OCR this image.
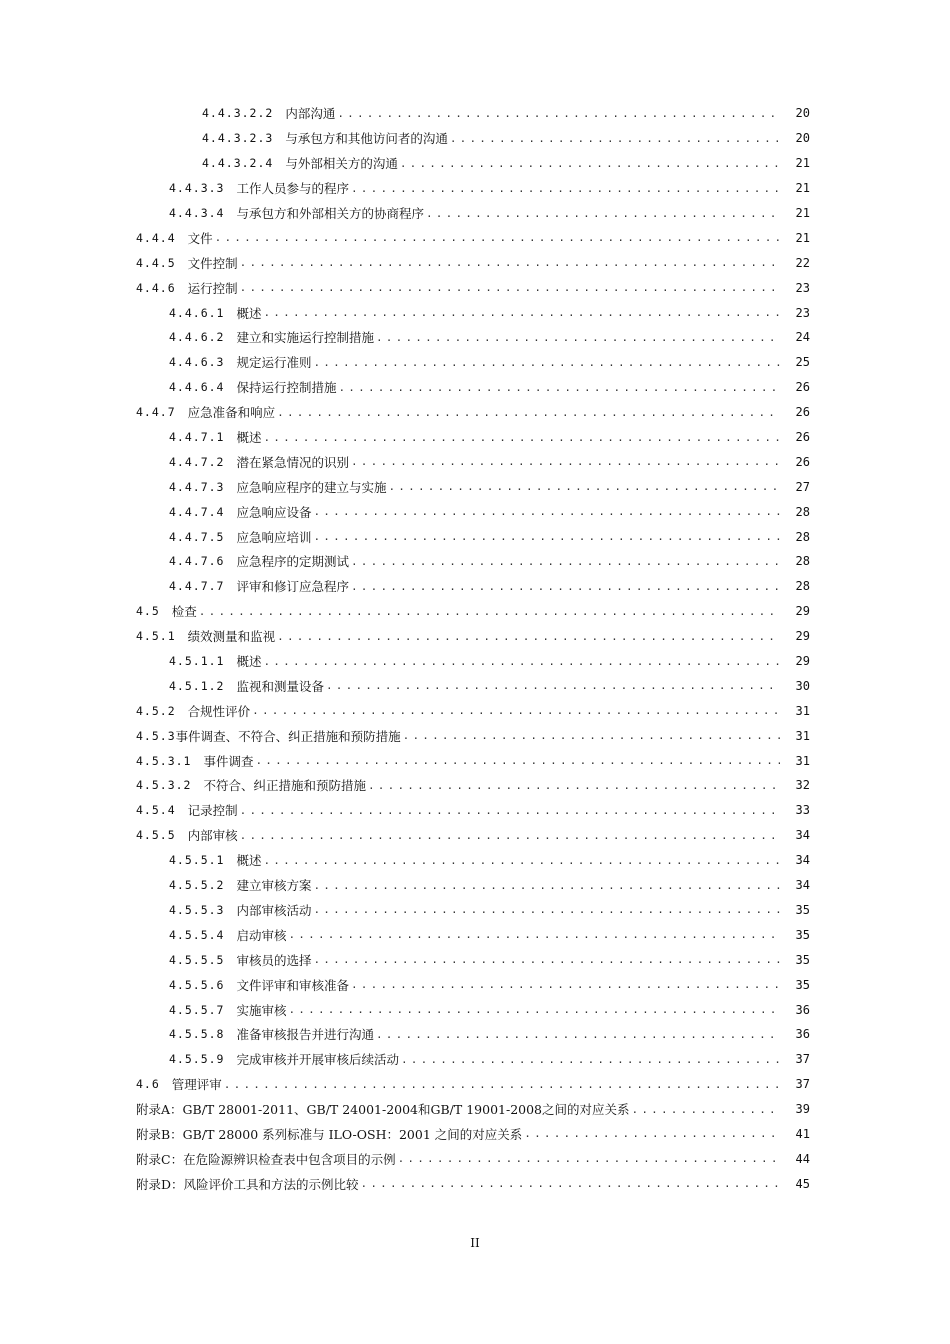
4.4.3.2.2 内部沟通 .....	20
4.4.3.2.3 与承包方和其他访问者的沟通 .....	20
4.4.3.2.4 与外部相关方的沟通 .....	21
4.4.3.3 工作人员参与的程序 .....	21
4.4.3.4 与承包方和外部相关方的协商程序 .....	21
4.4.4 文件 .....	21
4.4.5 文件控制 .....	22
4.4.6 运行控制 .....	23
4.4.6.1 概述 .....	23
4.4.6.2 建立和实施运行控制措施 .....	24
4.4.6.3 规定运行准则 .....	25
4.4.6.4 保持运行控制措施 .....	26
4.4.7 应急准备和响应 .....	26
4.4.7.1 概述 .....	26
4.4.7.2 潜在紧急情况的识别 .....	26
4.4.7.3 应急响应程序的建立与实施 .....	27
4.4.7.4 应急响应设备 .....	28
4.4.7.5 应急响应培训 .....	28
4.4.7.6 应急程序的定期测试 .....	28
4.4.7.7 评审和修订应急程序 .....	28
4.5 检查 .....	29
4.5.1 绩效测量和监视 .....	29
4.5.1.1 概述 .....	29
4.5.1.2 监视和测量设备 .....	30
4.5.2 合规性评价 .....	31
4.5.3 事件调查、不符合、纠正措施和预防措施 .....	31
4.5.3.1 事件调查 .....	31
4.5.3.2 不符合、纠正措施和预防措施 .....	32
4.5.4 记录控制 .....	33
4.5.5 内部审核 .....	34
4.5.5.1 概述 .....	34
4.5.5.2 建立审核方案 .....	34
4.5.5.3 内部审核活动 .....	35
4.5.5.4 启动审核 .....	35
4.5.5.5 审核员的选择 .....	35
4.5.5.6 文件评审和审核准备 .....	35
4.5.5.7 实施审核 .....	36
4.5.5.8 准备审核报告并进行沟通 .....	36
4.5.5.9 完成审核并开展审核后续活动 .....	37
4.6 管理评审 .....	37
附录A：GB/T 28001-2011、GB/T 24001-2004和GB/T 19001-2008之间的对应关系 .....	39
附录B：GB/T 28000 系列标准与 ILO-OSH：2001 之间的对应关系 .....	41
附录C：在危险源辨识检查表中包含项目的示例 .....	44
附录D：风险评价工具和方法的示例比较 .....	45
II
